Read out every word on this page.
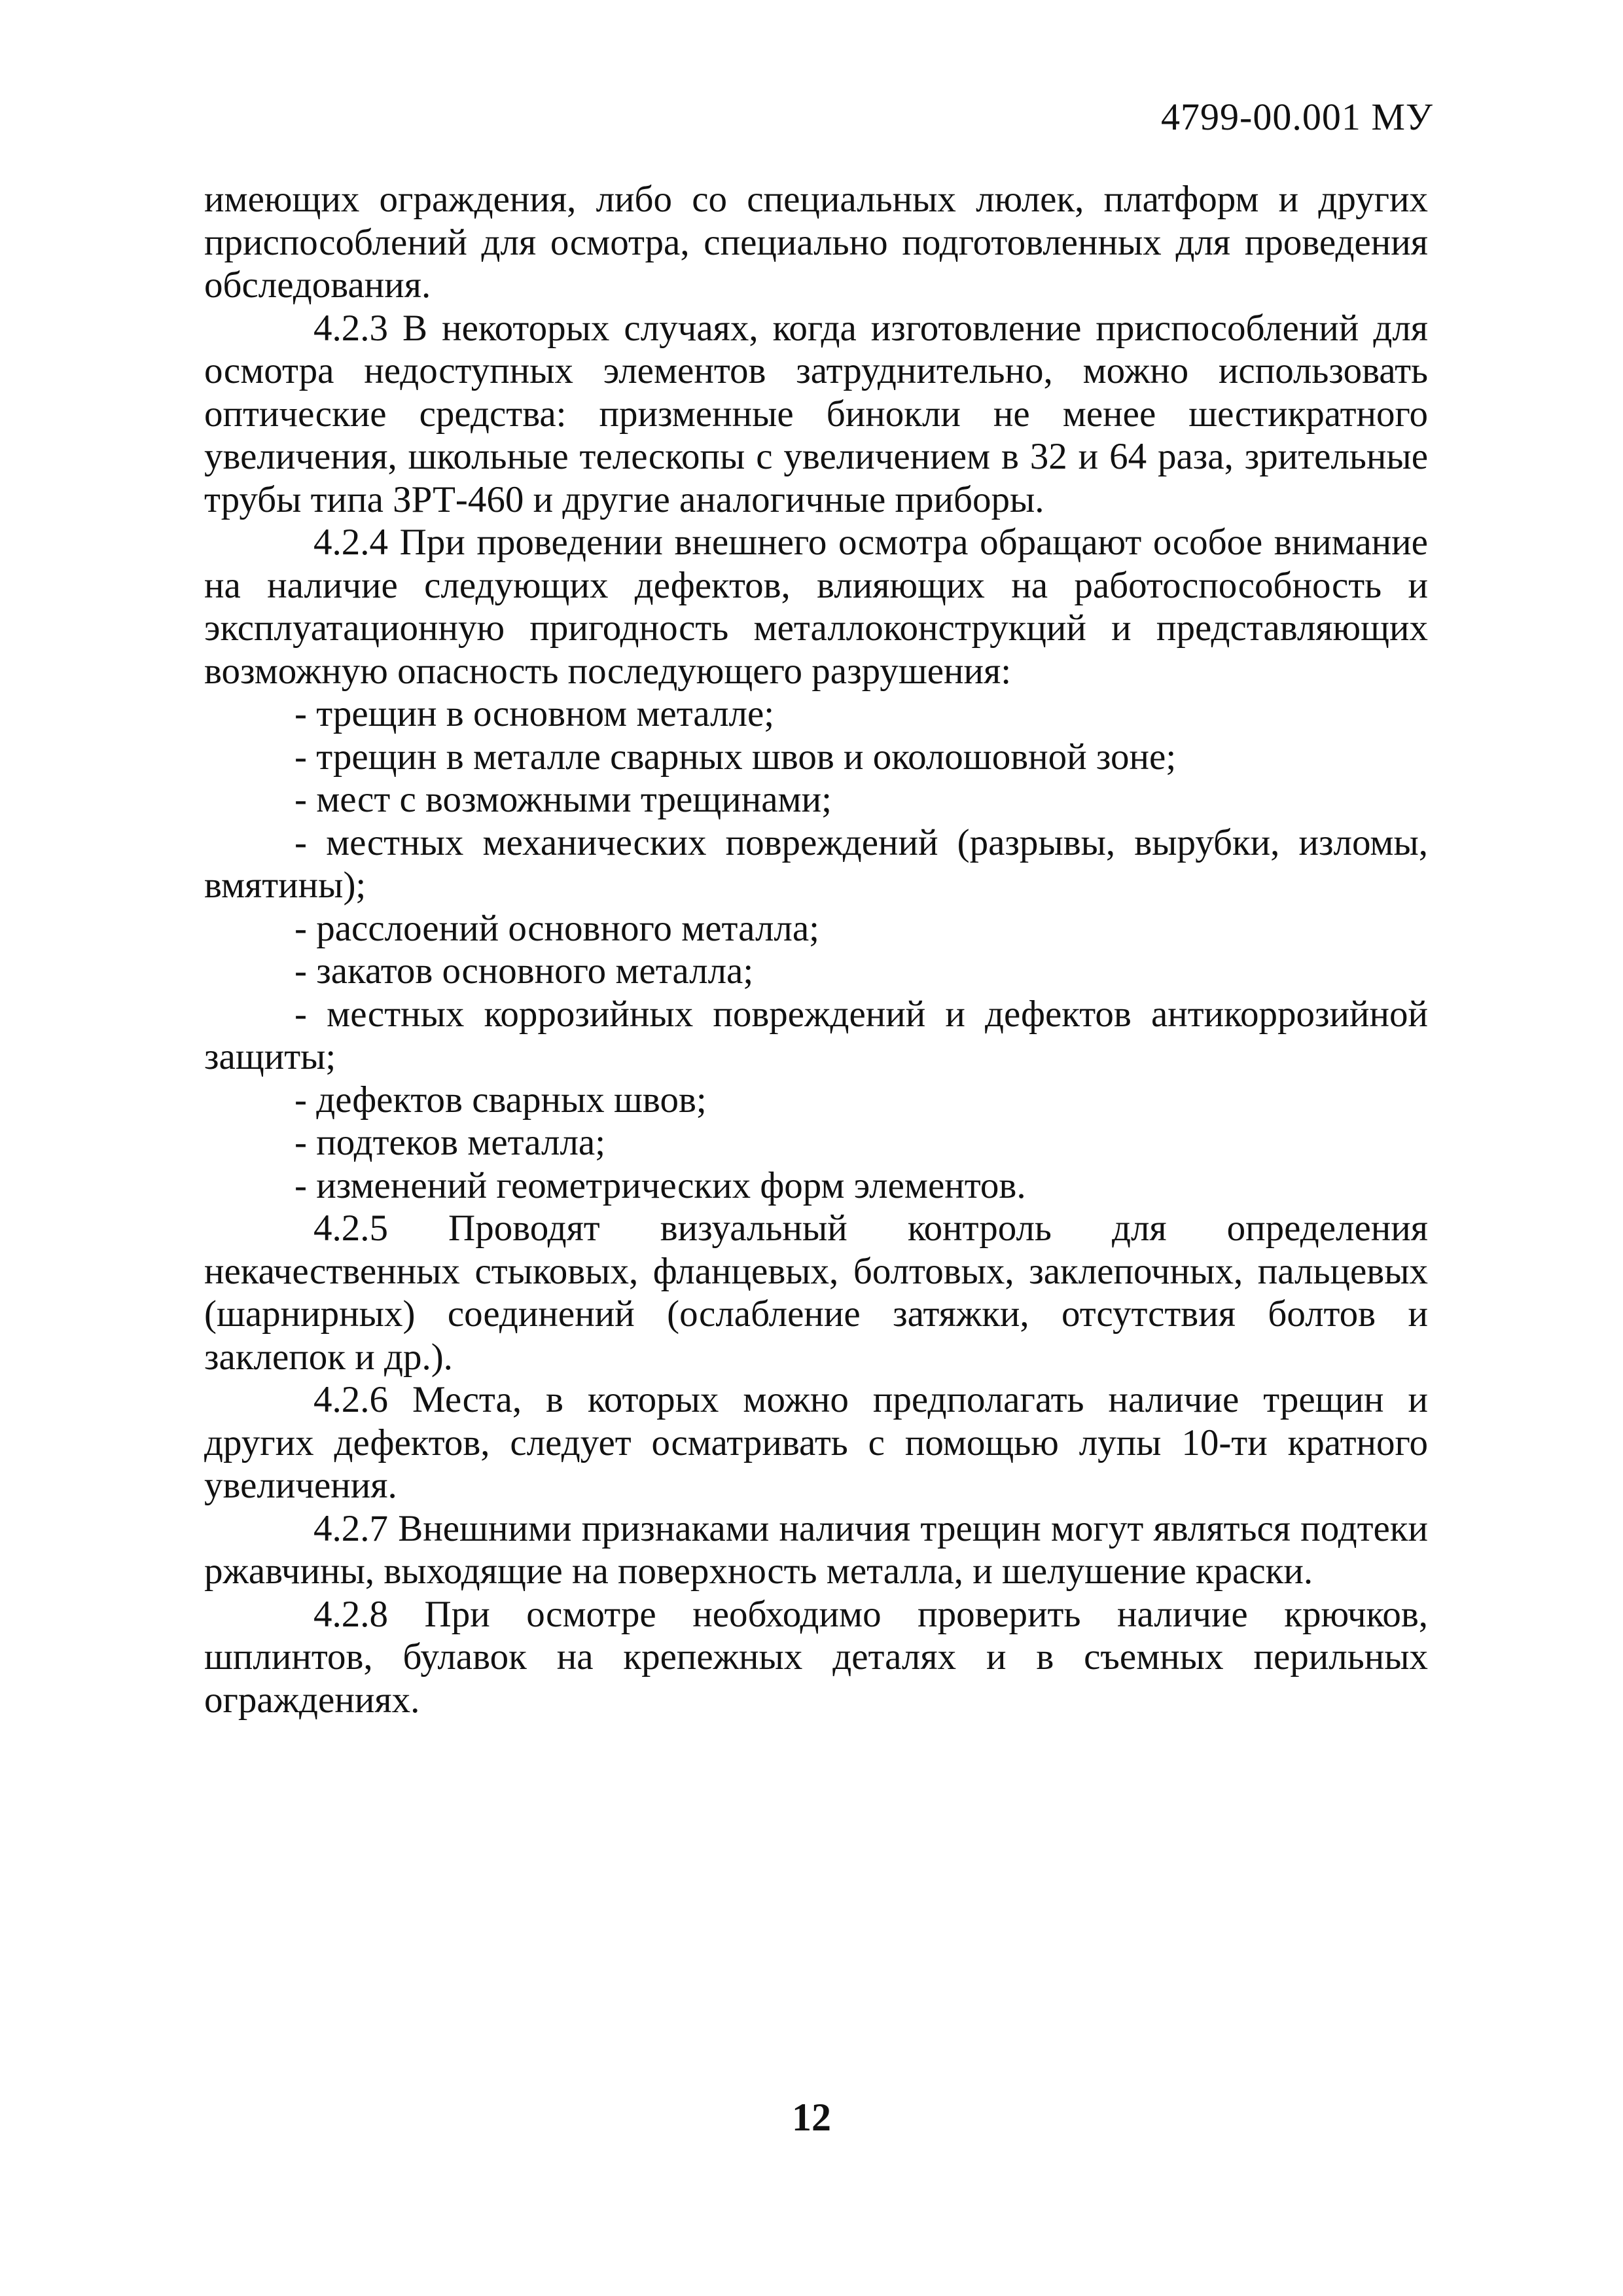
4799-00.001 МУ

имеющих ограждения, либо со специальных люлек, платформ и других приспособлений для осмотра, специально подготовленных для проведения обследования.

4.2.3 В некоторых случаях, когда изготовление приспособлений для осмотра недоступных элементов затруднительно, можно использовать оптические средства: призменные бинокли не менее шестикратного увеличения, школьные телескопы с увеличением в 32 и 64 раза, зрительные трубы типа ЗРТ-460 и другие аналогичные приборы.

4.2.4 При проведении внешнего осмотра обращают особое внимание на наличие следующих дефектов, влияющих на работоспособность и эксплуатационную пригодность металлоконструкций и представляющих возможную опасность последующего разрушения:

- трещин в основном металле;

- трещин в металле сварных швов и околошовной зоне;

- мест с возможными трещинами;

- местных механических повреждений (разрывы, вырубки, изломы, вмятины);

- расслоений основного металла;

- закатов основного металла;

- местных коррозийных повреждений и дефектов антикоррозийной защиты;

- дефектов сварных швов;

- подтеков металла;

- изменений геометрических форм элементов.

4.2.5 Проводят визуальный контроль для определения некачественных стыковых, фланцевых, болтовых, заклепочных, пальцевых (шарнирных) соединений (ослабление затяжки, отсутствия болтов и заклепок и др.).

4.2.6 Места, в которых можно предполагать наличие трещин и других дефектов, следует осматривать с помощью лупы 10-ти кратного увеличения.

4.2.7 Внешними признаками наличия трещин могут являться подтеки ржавчины, выходящие на поверхность металла, и шелушение краски.

4.2.8 При осмотре необходимо проверить наличие крючков, шплинтов, булавок на крепежных деталях и в съемных перильных ограждениях.

12
